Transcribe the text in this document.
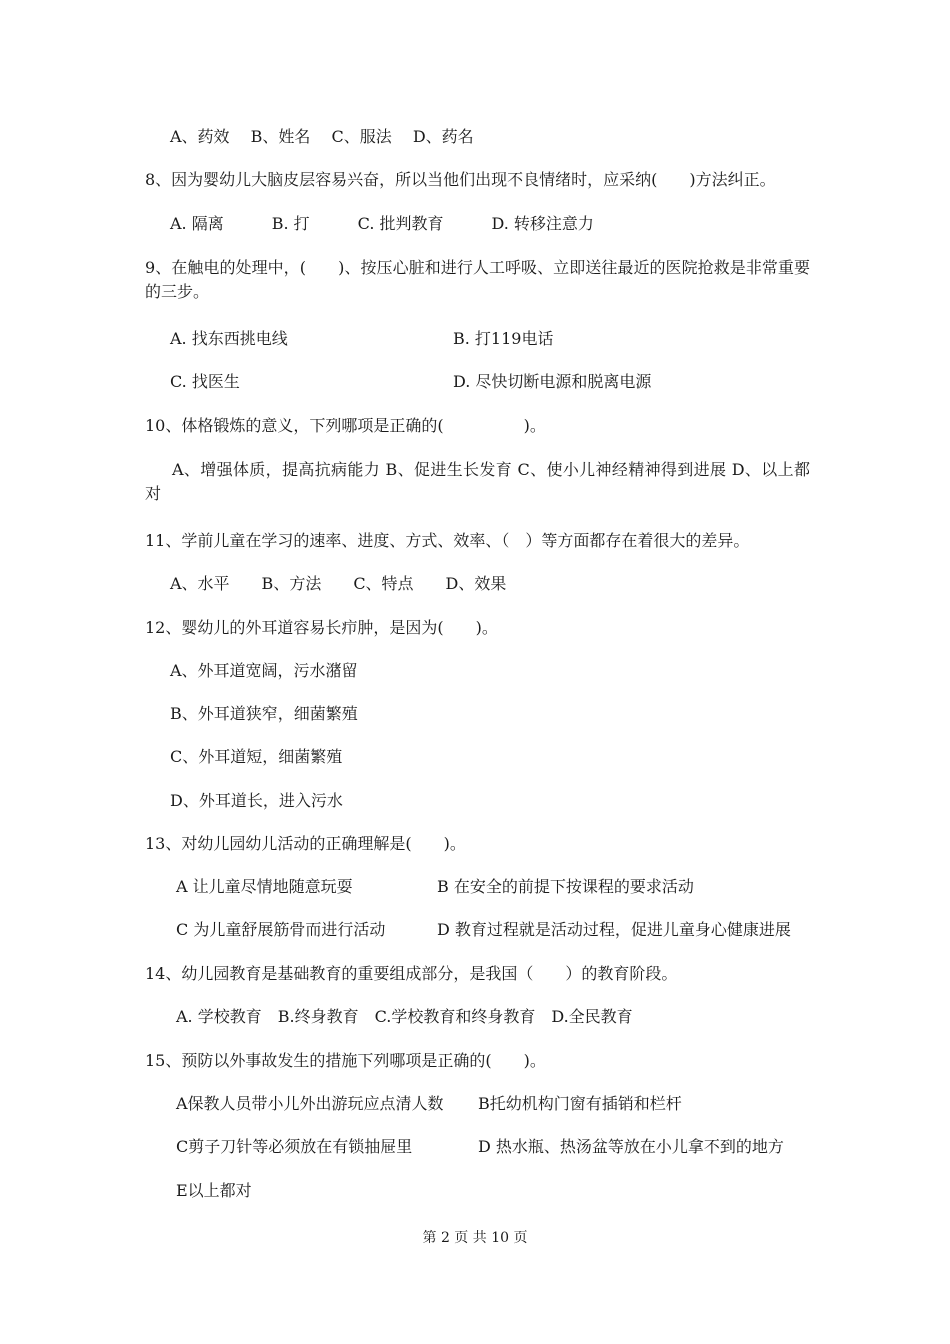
A、药效　 B、姓名　 C、服法　 D、药名
8、因为婴幼儿大脑皮层容易兴奋，所以当他们出现不良情绪时，应采纳(　　)方法纠正。
A. 隔离　　　B. 打　　　C. 批判教育　　　D. 转移注意力
9、在触电的处理中，(　　)、按压心脏和进行人工呼吸、立即送往最近的医院抢救是非常重要的三步。
A. 找东西挑电线	B. 打119电话
C. 找医生	D. 尽快切断电源和脱离电源
10、体格锻炼的意义，下列哪项是正确的(　　　　　)。
A、增强体质，提高抗病能力 B、促进生长发育 C、使小儿神经精神得到进展 D、以上都对
11、学前儿童在学习的速率、进度、方式、效率、（　）等方面都存在着很大的差异。
A、水平　　B、方法　　C、特点　　D、效果
12、婴幼儿的外耳道容易长疖肿，是因为(　　)。
A、外耳道宽阔，污水潴留
B、外耳道狭窄，细菌繁殖
C、外耳道短，细菌繁殖
D、外耳道长，进入污水
13、对幼儿园幼儿活动的正确理解是(　　)。
A 让儿童尽情地随意玩耍	B 在安全的前提下按课程的要求活动
C 为儿童舒展筋骨而进行活动	D 教育过程就是活动过程，促进儿童身心健康进展
14、幼儿园教育是基础教育的重要组成部分，是我国（　　）的教育阶段。
A. 学校教育　B.终身教育　C.学校教育和终身教育　D.全民教育
15、预防以外事故发生的措施下列哪项是正确的(　　)。
A保教人员带小儿外出游玩应点清人数 B托幼机构门窗有插销和栏杆
C剪子刀针等必须放在有锁抽屉里	D 热水瓶、热汤盆等放在小儿拿不到的地方
E以上都对
第 2 页 共 10 页
